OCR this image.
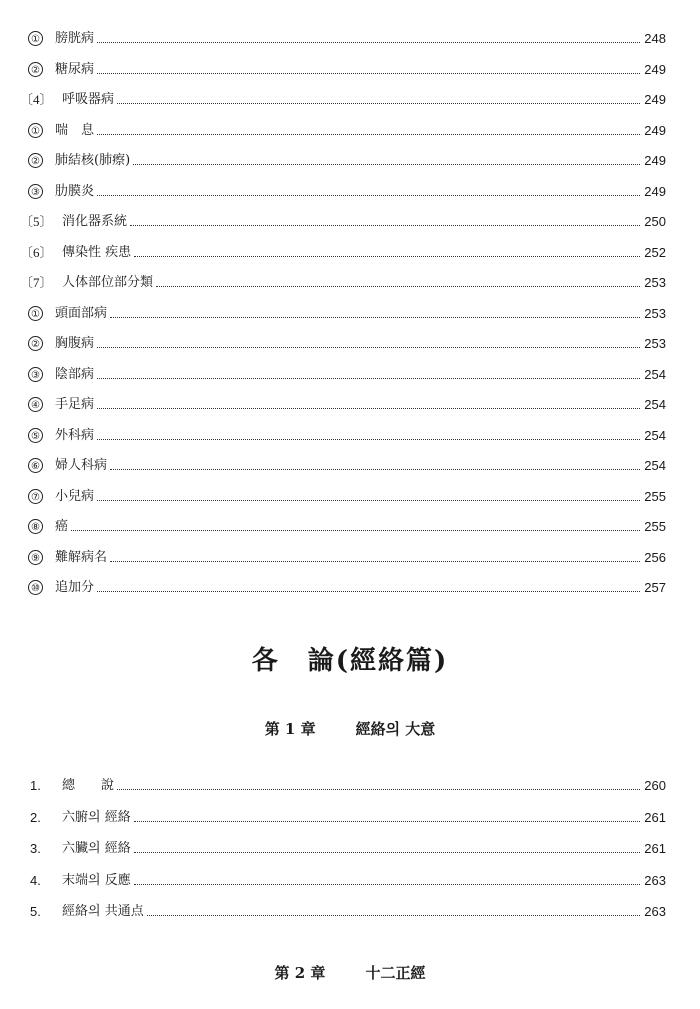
① 膀胱病	248
② 糖尿病	249
〔4〕 呼吸器病	249
① 喘　息	249
② 肺結核(肺瘵)	249
③ 肋膜炎	249
〔5〕 消化器系統	250
〔6〕 傳染性 疾患	252
〔7〕 人体部位部分類	253
① 頭面部病	253
② 胸腹病	253
③ 陰部病	254
④ 手足病	254
⑤ 外科病	254
⑥ 婦人科病	254
⑦ 小兒病	255
⑧ 癌	255
⑨ 難解病名	256
⑩ 追加分	257
各　論(經絡篇)
第 1 章	經絡의 大意
1. 總　　說	260
2. 六腑의 經絡	261
3. 六臟의 經絡	261
4. 末端의 反應	263
5. 經絡의 共通点	263
第 2 章	十二正經
